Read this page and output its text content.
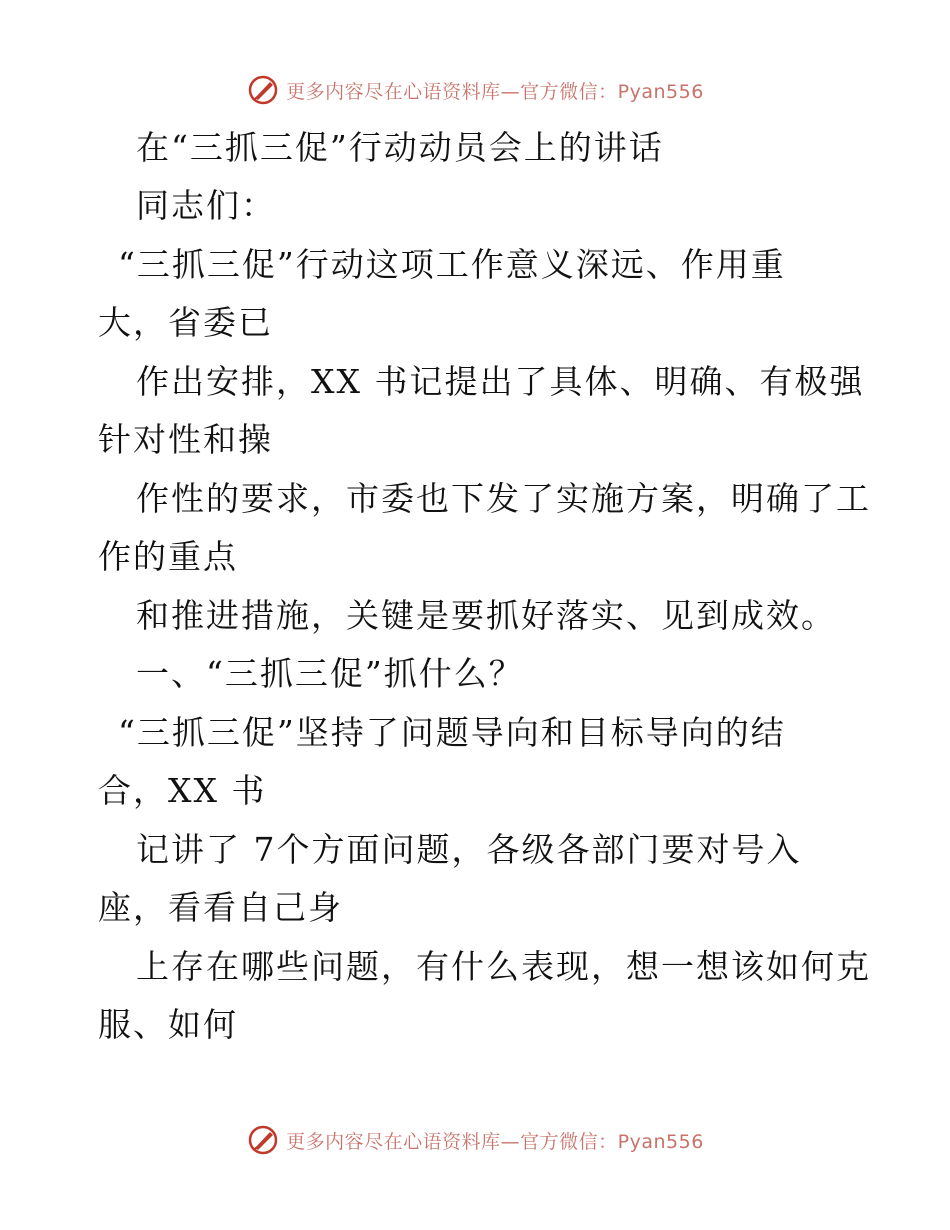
更多内容尽在心语资料库—官方微信：Pyan556
在“三抓三促”行动动员会上的讲话
同志们：
“三抓三促”行动这项工作意义深远、作用重
大，省委已
作出安排，XX 书记提出了具体、明确、有极强
针对性和操
作性的要求，市委也下发了实施方案，明确了工
作的重点
和推进措施，关键是要抓好落实、见到成效。
一、“三抓三促”抓什么？
“三抓三促”坚持了问题导向和目标导向的结
合，XX 书
记讲了 7个方面问题，各级各部门要对号入
座，看看自己身
上存在哪些问题，有什么表现，想一想该如何克
服、如何
更多内容尽在心语资料库—官方微信：Pyan556
